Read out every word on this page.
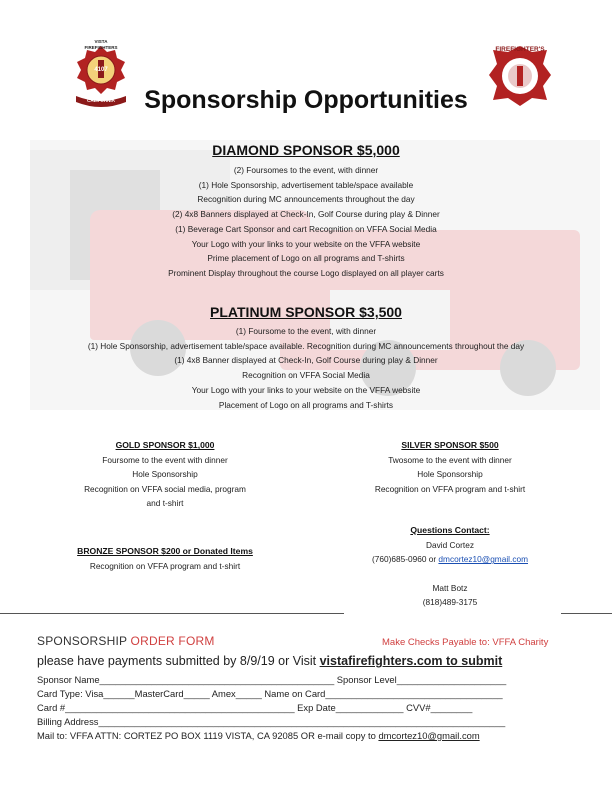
VISTA
FIREFIGHTERS
4107
CALIFORNIA
FIREFIGHTER'S
Sponsorship Opportunities
DIAMOND SPONSOR $5,000
(2) Foursomes to the event, with dinner
(1) Hole Sponsorship, advertisement table/space available
Recognition during MC announcements throughout the day
(2) 4x8 Banners displayed at Check-In, Golf Course during play & Dinner
(1) Beverage Cart Sponsor and cart Recognition on VFFA Social Media
Your Logo with your links to your website on the VFFA website
Prime placement of Logo on all programs and T-shirts
Prominent Display throughout the course Logo displayed on all player carts
PLATINUM SPONSOR $3,500
(1) Foursome to the event, with dinner
(1) Hole Sponsorship, advertisement table/space available. Recognition during MC announcements throughout the day
(1) 4x8 Banner displayed at Check-In, Golf Course during play & Dinner
Recognition on VFFA Social Media
Your Logo with your links to your website on the VFFA website
Placement of Logo on all programs and T-shirts
GOLD SPONSOR $1,000
Foursome to the event with dinner
Hole Sponsorship
Recognition on VFFA social media, program
and t-shirt
SILVER SPONSOR $500
Twosome to the event with dinner
Hole Sponsorship
Recognition on VFFA program and t-shirt
BRONZE SPONSOR $200 or Donated Items
Recognition on VFFA program and t-shirt
Questions Contact:
David Cortez
(760)685-0960 or dmcortez10@gmail.com
Matt Botz
(818)489-3175
SPONSORSHIP ORDER FORM	Make Checks Payable to: VFFA Charity
please have payments submitted by 8/9/19 or Visit vistafirefighters.com to submit
Sponsor Name_____________________________________________ Sponsor Level_____________________
Card Type: Visa______MasterCard_____ Amex_____ Name on Card__________________________________
Card #____________________________________________ Exp Date_____________ CVV#________
Billing Address______________________________________________________________________________
Mail to: VFFA ATTN: CORTEZ PO BOX 1119 VISTA, CA 92085 OR e-mail copy to dmcortez10@gmail.com
